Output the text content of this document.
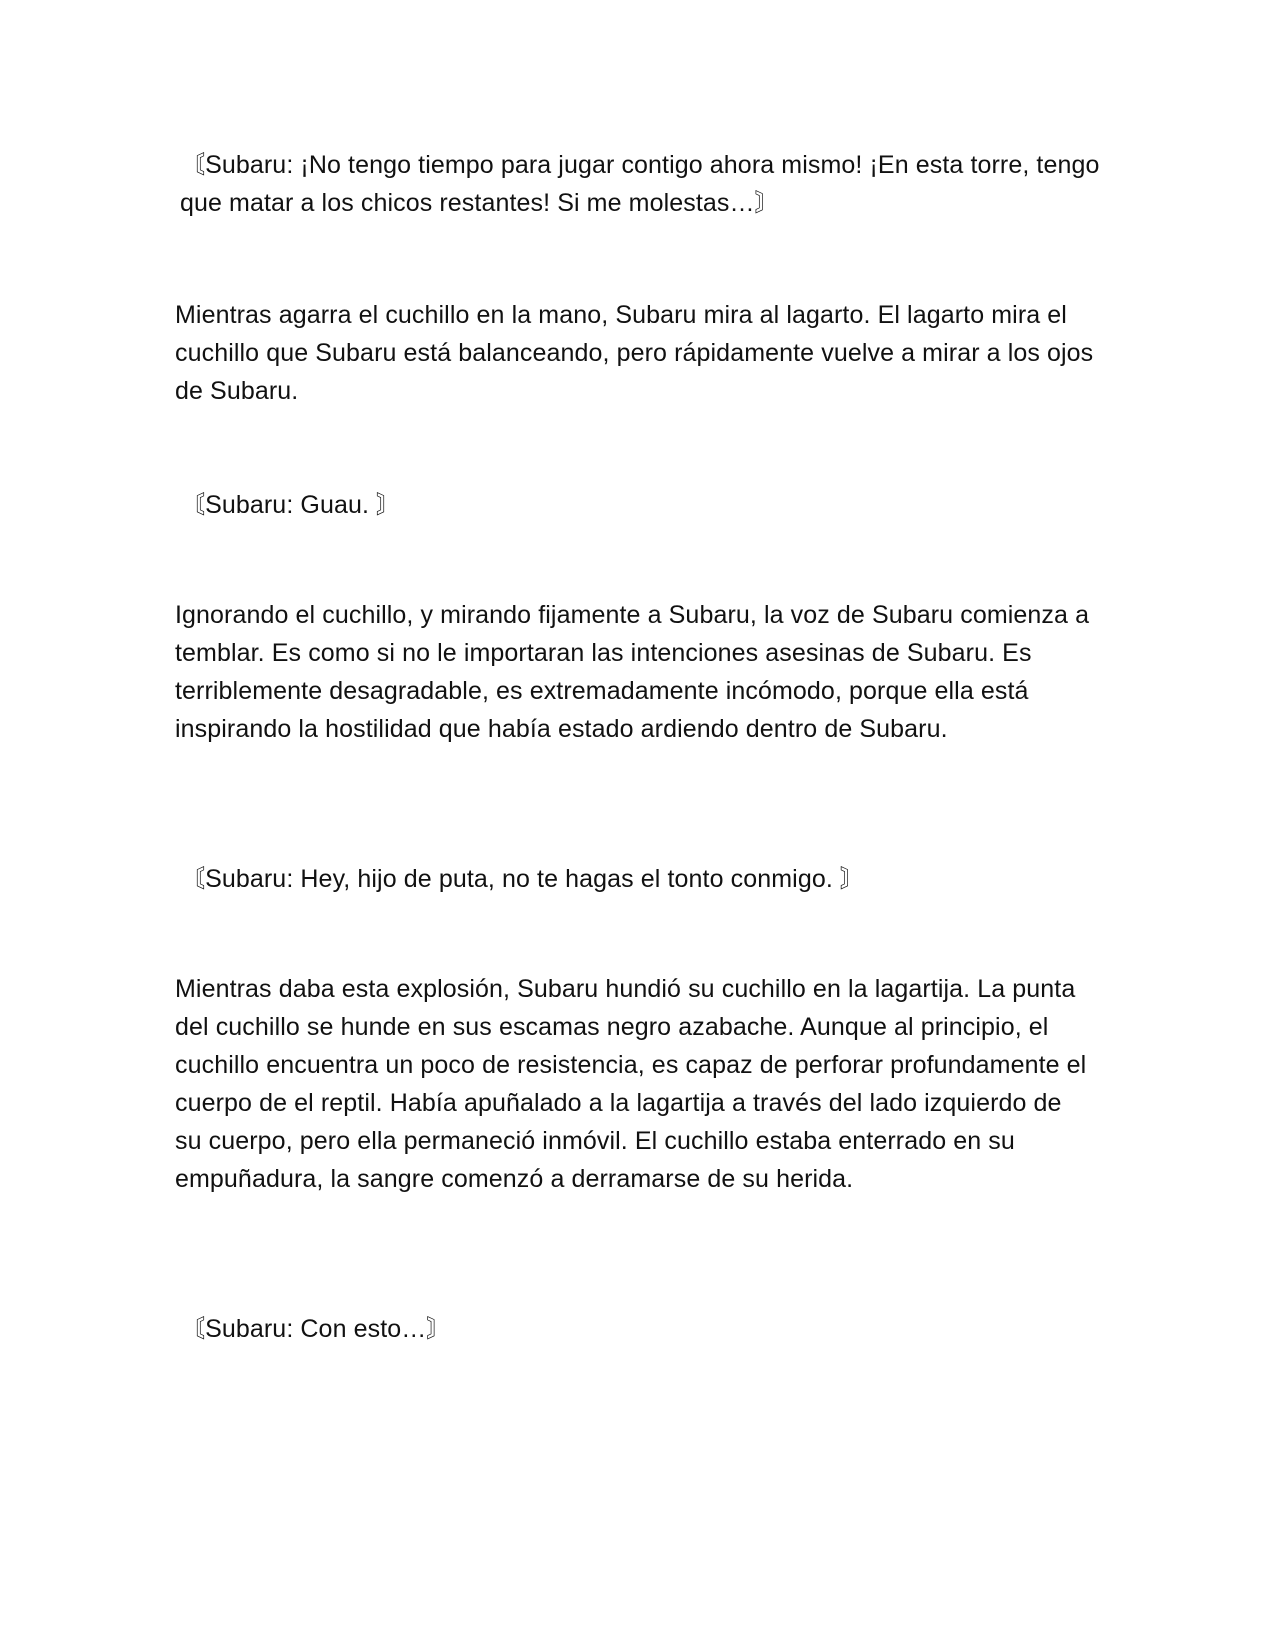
〘Subaru: ¡No tengo tiempo para jugar contigo ahora mismo! ¡En esta torre, tengo que matar a los chicos restantes! Si me molestas…〙

Mientras agarra el cuchillo en la mano, Subaru mira al lagarto. El lagarto mira el cuchillo que Subaru está balanceando, pero rápidamente vuelve a mirar a los ojos de Subaru.

〘Subaru: Guau. 〙

Ignorando el cuchillo, y mirando fijamente a Subaru, la voz de Subaru comienza a temblar. Es como si no le importaran las intenciones asesinas de Subaru. Es terriblemente desagradable, es extremadamente incómodo, porque ella está inspirando la hostilidad que había estado ardiendo dentro de Subaru.

〘Subaru: Hey, hijo de puta, no te hagas el tonto conmigo. 〙

Mientras daba esta explosión, Subaru hundió su cuchillo en la lagartija. La punta del cuchillo se hunde en sus escamas negro azabache. Aunque al principio, el cuchillo encuentra un poco de resistencia, es capaz de perforar profundamente el cuerpo de el reptil. Había apuñalado a la lagartija a través del lado izquierdo de su cuerpo, pero ella permaneció inmóvil. El cuchillo estaba enterrado en su empuñadura, la sangre comenzó a derramarse de su herida.

〘Subaru: Con esto…〙
